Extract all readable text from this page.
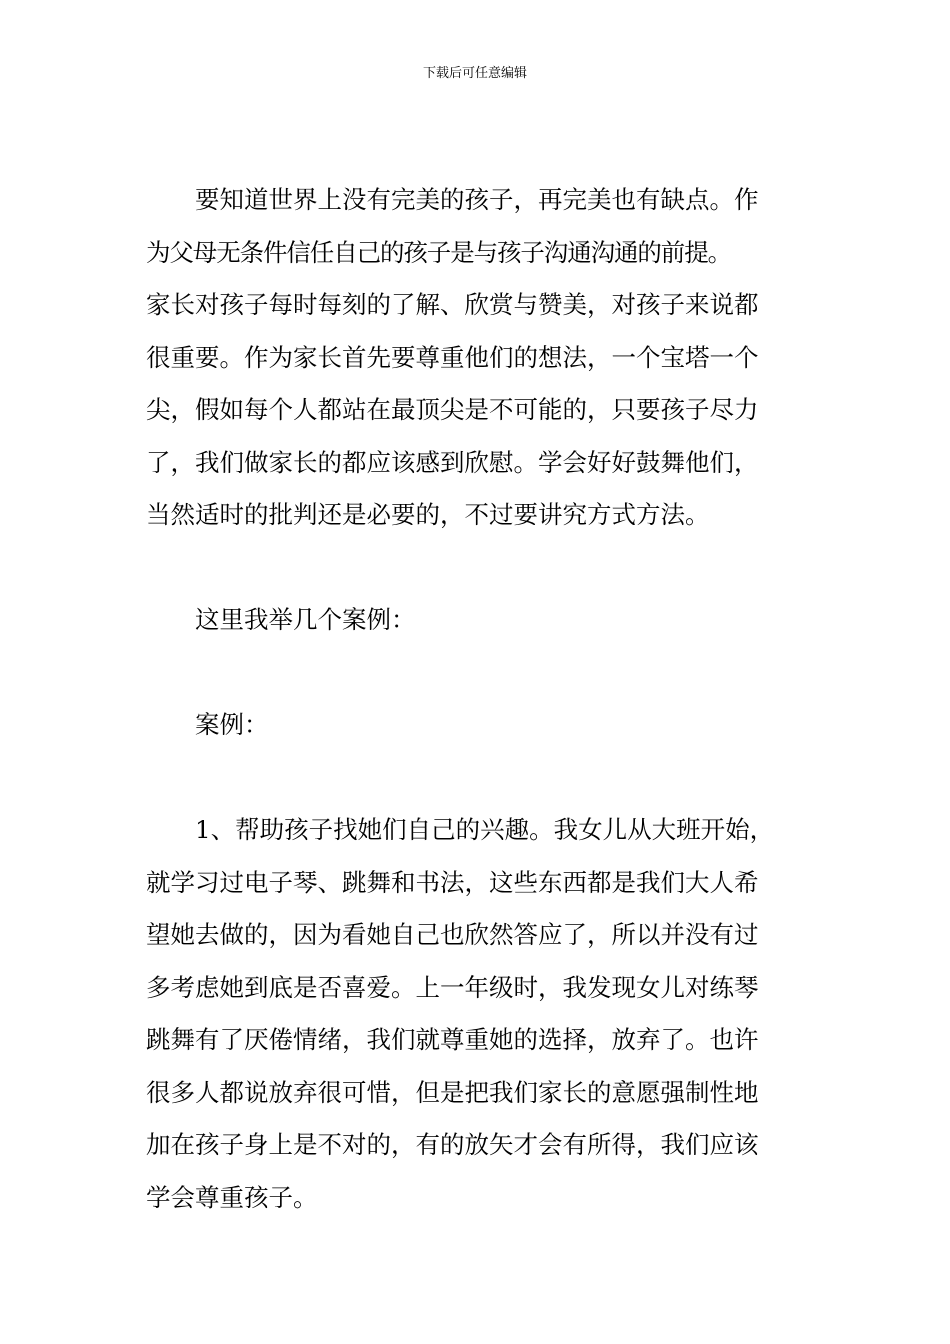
下载后可任意编辑
要知道世界上没有完美的孩子，再完美也有缺点。作
为父母无条件信任自己的孩子是与孩子沟通沟通的前提。
家长对孩子每时每刻的了解、欣赏与赞美，对孩子来说都
很重要。作为家长首先要尊重他们的想法，一个宝塔一个
尖，假如每个人都站在最顶尖是不可能的，只要孩子尽力
了，我们做家长的都应该感到欣慰。学会好好鼓舞他们，
当然适时的批判还是必要的，不过要讲究方式方法。
这里我举几个案例：
案例：
1、帮助孩子找她们自己的兴趣。我女儿从大班开始，
就学习过电子琴、跳舞和书法，这些东西都是我们大人希
望她去做的，因为看她自己也欣然答应了，所以并没有过
多考虑她到底是否喜爱。上一年级时，我发现女儿对练琴
跳舞有了厌倦情绪，我们就尊重她的选择，放弃了。也许
很多人都说放弃很可惜，但是把我们家长的意愿强制性地
加在孩子身上是不对的，有的放矢才会有所得，我们应该
学会尊重孩子。
